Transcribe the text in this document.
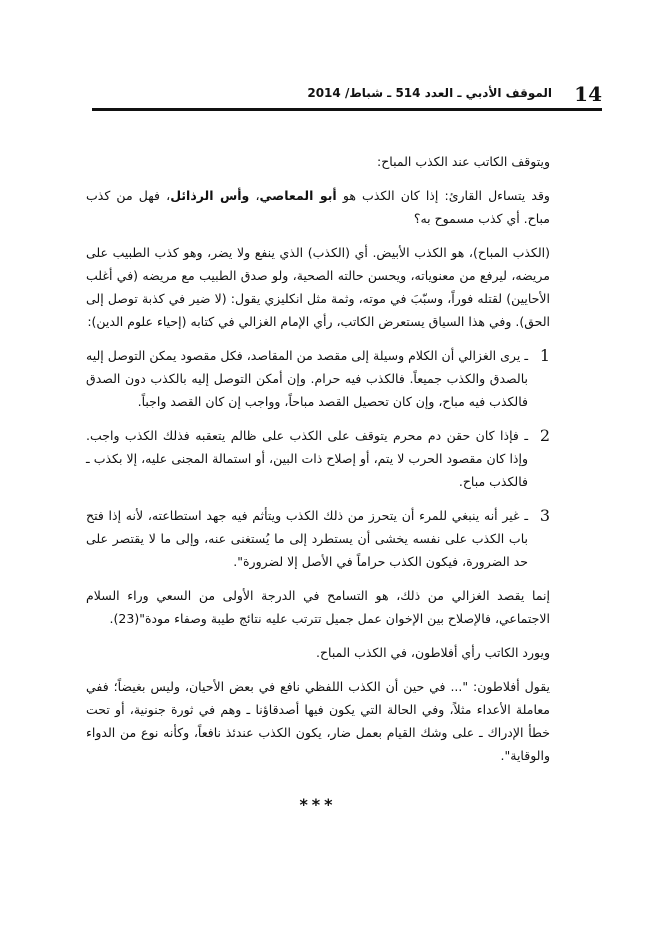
14
الموقف الأدبي ـ العدد 514 ـ شباط/ 2014

ويتوقف الكاتب عند الكذب المباح:

وقد يتساءل القارئ: إذا كان الكذب هو أبو المعاصي، وأس الرذائل، فهل من كذب مباح. أي كذب مسموح به؟

(الكذب المباح)، هو الكذب الأبيض. أي (الكذب) الذي ينفع ولا يضر، وهو كذب الطبيب على مريضه، ليرفع من معنوياته، ويحسن حالته الصحية، ولو صدق الطبيب مع مريضه (في أغلب الأحايين) لقتله فوراً، وسبّبَ في موته، وثمة مثل انكليزي يقول: (لا ضير في كذبة توصل إلى الحق). وفي هذا السياق يستعرض الكاتب، رأي الإمام الغزالي في كتابه (إحياء علوم الدين):

1
ـ يرى الغزالي أن الكلام وسيلة إلى مقصد من المقاصد، فكل مقصود يمكن التوصل إليه بالصدق والكذب جميعاً. فالكذب فيه حرام. وإن أمكن التوصل إليه بالكذب دون الصدق فالكذب فيه مباح، وإن كان تحصيل القصد مباحاً، وواجب إن كان القصد واجباً.
2
ـ فإذا كان حقن دم محرم يتوقف على الكذب على ظالم يتعقبه فذلك الكذب واجب. وإذا كان مقصود الحرب لا يتم، أو إصلاح ذات البين، أو استمالة المجنى عليه، إلا بكذب ـ فالكذب مباح.
3
ـ غير أنه ينبغي للمرء أن يتحرز من ذلك الكذب ويتأثم فيه جهد استطاعته، لأنه إذا فتح باب الكذب على نفسه يخشى أن يستطرد إلى ما يُستغنى عنه، وإلى ما لا يقتصر على حد الضرورة، فيكون الكذب حراماً في الأصل إلا لضرورة".

إنما يقصد الغزالي من ذلك، هو التسامح في الدرجة الأولى من السعي وراء السلام الاجتماعي، فالإصلاح بين الإخوان عمل جميل تترتب عليه نتائج طيبة وصفاء مودة"(23).

ويورد الكاتب رأي أفلاطون، في الكذب المباح.

يقول أفلاطون: "... في حين أن الكذب اللفظي نافع في بعض الأحيان، وليس بغيضاً؛ ففي معاملة الأعداء مثلاً، وفي الحالة التي يكون فيها أصدقاؤنا ـ وهم في ثورة جنونية، أو تحت خطأ الإدراك ـ على وشك القيام بعمل ضار، يكون الكذب عندئذ نافعاً، وكأنه نوع من الدواء والوقاية".

***
